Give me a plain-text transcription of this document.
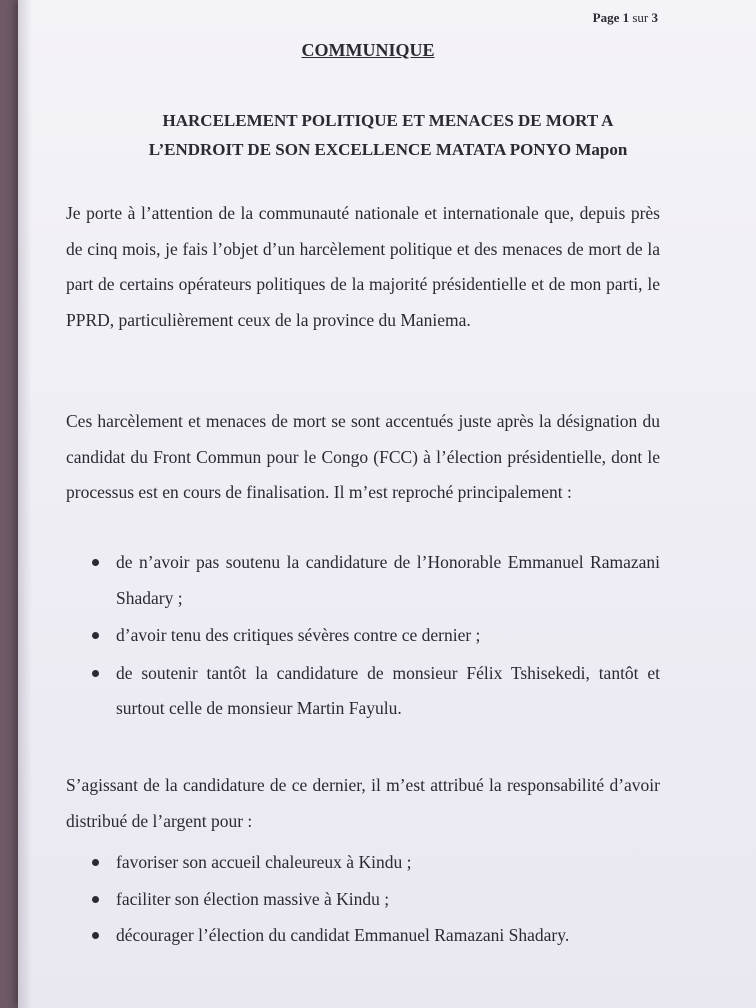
Page 1 sur 3
COMMUNIQUE
HARCELEMENT POLITIQUE ET MENACES DE MORT A
L’ENDROIT DE SON EXCELLENCE MATATA PONYO Mapon

Je porte à l’attention de la communauté nationale et internationale que, depuis près de cinq mois, je fais l’objet d’un harcèlement politique et des menaces de mort de la part de certains opérateurs politiques de la majorité présidentielle et de mon parti, le PPRD, particulièrement ceux de la province du Maniema.

Ces harcèlement et menaces de mort se sont accentués juste après la désignation du candidat du Front Commun pour le Congo (FCC) à l’élection présidentielle, dont le processus est en cours de finalisation. Il m’est reproché principalement :

de n’avoir pas soutenu la candidature de l’Honorable Emmanuel Ramazani Shadary ;
d’avoir tenu des critiques sévères contre ce dernier ;
de soutenir tantôt la candidature de monsieur Félix Tshisekedi, tantôt et surtout celle de monsieur Martin Fayulu.

S’agissant de la candidature de ce dernier, il m’est attribué la responsabilité d’avoir distribué de l’argent pour :

favoriser son accueil chaleureux à Kindu ;
faciliter son élection massive à Kindu ;
décourager l’élection du candidat Emmanuel Ramazani Shadary.
